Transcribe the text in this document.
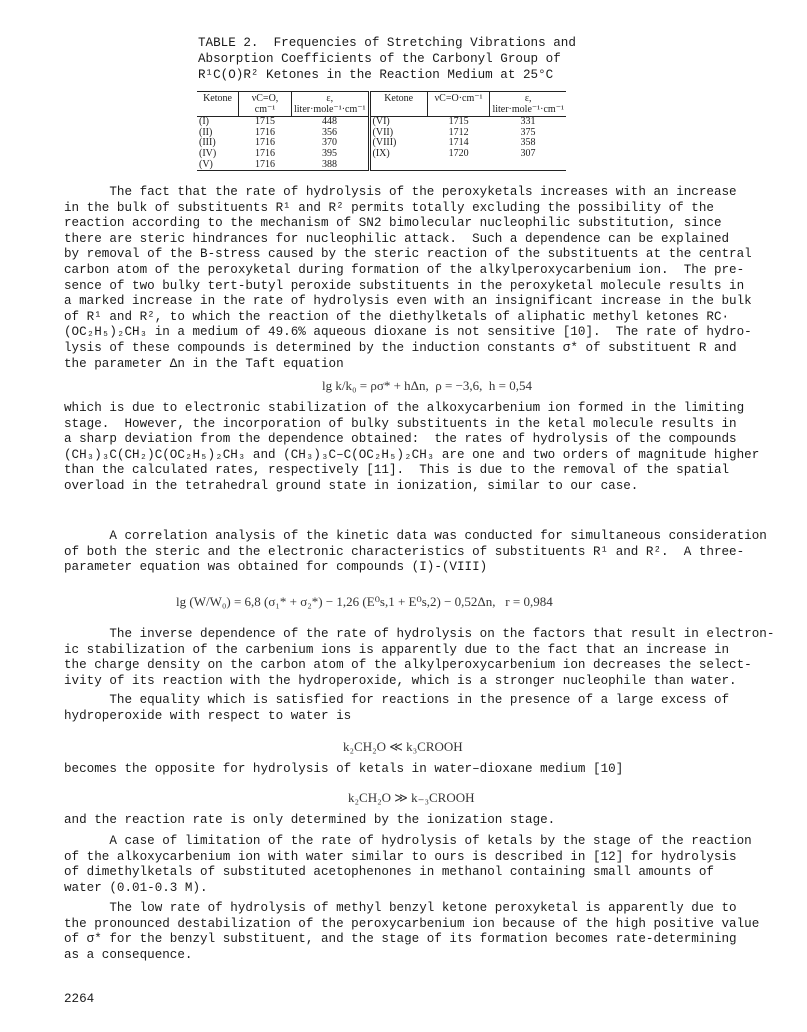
TABLE 2.  Frequencies of Stretching Vibrations and
Absorption Coefficients of the Carbonyl Group of
R¹C(O)R² Ketones in the Reaction Medium at 25°C
Ketone	νC=O, cm⁻¹	ε, liter·mole⁻¹·cm⁻¹	Ketone	νC=O·cm⁻¹	ε, liter·mole⁻¹·cm⁻¹
(I)	1715	448	(VI)	1715	331
(II)	1716	356	(VII)	1712	375
(III)	1716	370	(VIII)	1714	358
(IV)	1716	395	(IX)	1720	307
(V)	1716	388			
The fact that the rate of hydrolysis of the peroxyketals increases with an increase
in the bulk of substituents R¹ and R² permits totally excluding the possibility of the
reaction according to the mechanism of SN2 bimolecular nucleophilic substitution, since
there are steric hindrances for nucleophilic attack.  Such a dependence can be explained
by removal of the B-stress caused by the steric reaction of the substituents at the central
carbon atom of the peroxyketal during formation of the alkylperoxycarbenium ion.  The pre-
sence of two bulky tert-butyl peroxide substituents in the peroxyketal molecule results in
a marked increase in the rate of hydrolysis even with an insignificant increase in the bulk
of R¹ and R², to which the reaction of the diethylketals of aliphatic methyl ketones RC·
(OC₂H₅)₂CH₃ in a medium of 49.6% aqueous dioxane is not sensitive [10].  The rate of hydro-
lysis of these compounds is determined by the induction constants σ* of substituent R and
the parameter Δn in the Taft equation
lg k/k₀ = ρσ* + hΔn,  ρ = −3,6,  h = 0,54
which is due to electronic stabilization of the alkoxycarbenium ion formed in the limiting
stage.  However, the incorporation of bulky substituents in the ketal molecule results in
a sharp deviation from the dependence obtained:  the rates of hydrolysis of the compounds
(CH₃)₃C(CH₂)C(OC₂H₅)₂CH₃ and (CH₃)₃C–C(OC₂H₅)₂CH₃ are one and two orders of magnitude higher
than the calculated rates, respectively [11].  This is due to the removal of the spatial
overload in the tetrahedral ground state in ionization, similar to our case.
A correlation analysis of the kinetic data was conducted for simultaneous consideration
of both the steric and the electronic characteristics of substituents R¹ and R².  A three-
parameter equation was obtained for compounds (I)-(VIII)
lg (W/W₀) = 6,8 (σ₁* + σ₂*) − 1,26 (E⁰s,1 + E⁰s,2) − 0,52Δn,   r = 0,984
The inverse dependence of the rate of hydrolysis on the factors that result in electron-
ic stabilization of the carbenium ions is apparently due to the fact that an increase in
the charge density on the carbon atom of the alkylperoxycarbenium ion decreases the select-
ivity of its reaction with the hydroperoxide, which is a stronger nucleophile than water.
The equality which is satisfied for reactions in the presence of a large excess of
hydroperoxide with respect to water is
k₂CH₂O ≪ k₃CROOH
becomes the opposite for hydrolysis of ketals in water–dioxane medium [10]
k₂CH₂O ≫ k₋₃CROOH
and the reaction rate is only determined by the ionization stage.
A case of limitation of the rate of hydrolysis of ketals by the stage of the reaction
of the alkoxycarbenium ion with water similar to ours is described in [12] for hydrolysis
of dimethylketals of substituted acetophenones in methanol containing small amounts of
water (0.01-0.3 M).
The low rate of hydrolysis of methyl benzyl ketone peroxyketal is apparently due to
the pronounced destabilization of the peroxycarbenium ion because of the high positive value
of σ* for the benzyl substituent, and the stage of its formation becomes rate-determining
as a consequence.
2264
